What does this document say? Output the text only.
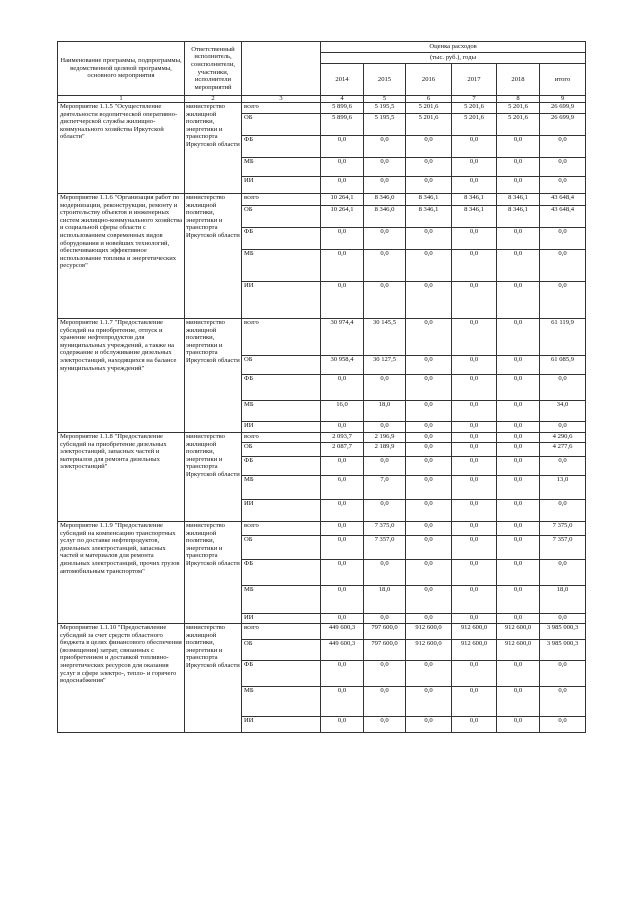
Наименование программы, подпрограммы, ведомственной целевой программы, основного мероприятия	Ответственный исполнитель, соисполнители, участники, исполнители мероприятий		Оценка расходов					
			(тыс. руб.), годы					
			2014	2015	2016	2017	2018	итого
1	2	3	4	5	6	7	8	9
Мероприятие 1.1.5 "Осуществление деятельности водопитческой оперативно-диспетчерской службы жилищно-коммунального хозяйства Иркутской области"	министерство жилищной политики, энергетики и транспорта Иркутской области	всего	5 899,6	5 195,5	5 201,6	5 201,6	5 201,6	26 699,9
		ОБ	5 899,6	5 195,5	5 201,6	5 201,6	5 201,6	26 699,9
		ФБ	0,0	0,0	0,0	0,0	0,0	0,0
		МБ	0,0	0,0	0,0	0,0	0,0	0,0
		ИИ	0,0	0,0	0,0	0,0	0,0	0,0
Мероприятие 1.1.6 "Организация работ по модернизации, реконструкции, ремонту и строительству объектов и инженерных систем жилищно-коммунального хозяйства и социальной сферы области с использованием современных видов оборудования и новейших технологий, обеспечивающих эффективное использование топлива и энергетических ресурсов"	министерство жилищной политики, энергетики и транспорта Иркутской области	всего	10 264,1	8 346,0	8 346,1	8 346,1	8 346,1	43 648,4
		ОБ	10 264,1	8 346,0	8 346,1	8 346,1	8 346,1	43 648,4
		ФБ	0,0	0,0	0,0	0,0	0,0	0,0
		МБ	0,0	0,0	0,0	0,0	0,0	0,0
		ИИ	0,0	0,0	0,0	0,0	0,0	0,0
Мероприятие 1.1.7 "Предоставление субсидий на приобретение, отпуск и хранение нефтепродуктов для муниципальных учреждений, а также на содержание и обслуживание дизельных электростанций, находящихся на балансе муниципальных учреждений"	министерство жилищной политики, энергетики и транспорта Иркутской области	всего	30 974,4	30 145,5	0,0	0,0	0,0	61 119,9
		ОБ	30 958,4	30 127,5	0,0	0,0	0,0	61 085,9
		ФБ	0,0	0,0	0,0	0,0	0,0	0,0
		МБ	16,0	18,0	0,0	0,0	0,0	34,0
		ИИ	0,0	0,0	0,0	0,0	0,0	0,0
Мероприятие 1.1.8 "Предоставление субсидий на приобретение дизельных электростанций, запасных частей и материалов для ремонта дизельных электростанций"	министерство жилищной политики, энергетики и транспорта Иркутской области	всего	2 093,7	2 196,9	0,0	0,0	0,0	4 290,6
		ОБ	2 087,7	2 189,9	0,0	0,0	0,0	4 277,6
		ФБ	0,0	0,0	0,0	0,0	0,0	0,0
		МБ	6,0	7,0	0,0	0,0	0,0	13,0
		ИИ	0,0	0,0	0,0	0,0	0,0	0,0
Мероприятие 1.1.9 "Предоставление субсидий на компенсацию транспортных услуг по доставке нефтепродуктов, дизельных электростанций, запасных частей и материалов для ремонта дизельных электростанций, прочих грузов автомобильным транспортом"	министерство жилищной политики, энергетики и транспорта Иркутской области	всего	0,0	7 375,0	0,0	0,0	0,0	7 375,0
		ОБ	0,0	7 357,0	0,0	0,0	0,0	7 357,0
		ФБ	0,0	0,0	0,0	0,0	0,0	0,0
		МБ	0,0	18,0	0,0	0,0	0,0	18,0
		ИИ	0,0	0,0	0,0	0,0	0,0	0,0
Мероприятие 1.1.10 "Предоставление субсидий за счет средств областного бюджета в целях финансового обеспечения (возмещения) затрат, связанных с приобретением и доставкой топливно-энергетических ресурсов для оказания услуг в сфере электро-, тепло- и горячего водоснабжения"	министерство жилищной политики, энергетики и транспорта Иркутской области	всего	449 600,3	797 600,0	912 600,0	912 600,0	912 600,0	3 985 000,3
		ОБ	449 600,3	797 600,0	912 600,0	912 600,0	912 600,0	3 985 000,3
		ФБ	0,0	0,0	0,0	0,0	0,0	0,0
		МБ	0,0	0,0	0,0	0,0	0,0	0,0
		ИИ	0,0	0,0	0,0	0,0	0,0	0,0
